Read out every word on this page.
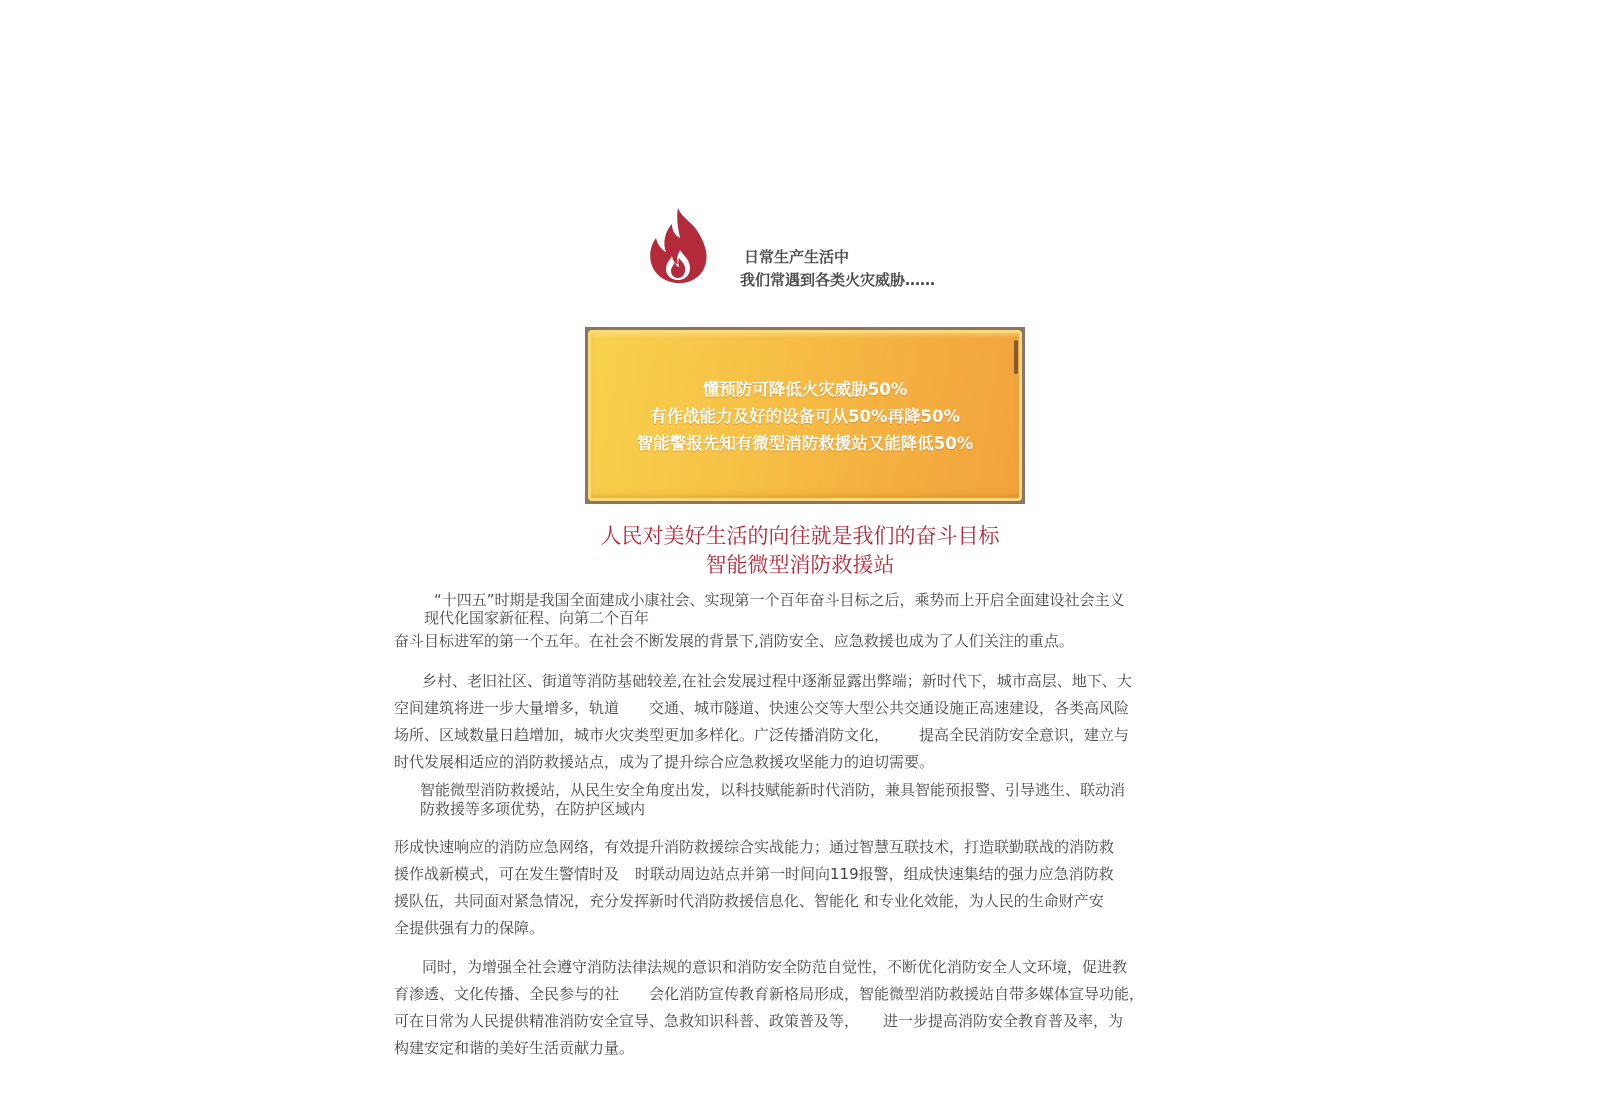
日常生产生活中
我们常遇到各类火灾威胁……
懂预防可降低火灾威胁50%
有作战能力及好的设备可从50%再降50%
智能警报先知有微型消防救援站又能降低50%
人民对美好生活的向往就是我们的奋斗目标
智能微型消防救援站
“十四五”时期是我国全面建成小康社会、实现第一个百年奋斗目标之后，乘势而上开启全面建设社会主义
现代化国家新征程、向第二个百年
奋斗目标进军的第一个五年。在社会不断发展的背景下,消防安全、应急救援也成为了人们关注的重点。
乡村、老旧社区、街道等消防基础较差,在社会发展过程中逐渐显露出弊端；新时代下，城市高层、地下、大
空间建筑将进一步大量增多，轨道 交通、城市隧道、快速公交等大型公共交通设施正高速建设，各类高风险
场所、区域数量日趋增加，城市火灾类型更加多样化。广泛传播消防文化， 提高全民消防安全意识，建立与
时代发展相适应的消防救援站点，成为了提升综合应急救援攻坚能力的迫切需要。
智能微型消防救援站，从民生安全角度出发，以科技赋能新时代消防，兼具智能预报警、引导逃生、联动消
防救援等多项优势，在防护区域内
形成快速响应的消防应急网络，有效提升消防救援综合实战能力；通过智慧互联技术，打造联勤联战的消防救
援作战新模式，可在发生警情时及 时联动周边站点并第一时间向119报警，组成快速集结的强力应急消防救
援队伍，共同面对紧急情况，充分发挥新时代消防救援信息化、智能化 和专业化效能，为人民的生命财产安
全提供强有力的保障。
同时，为增强全社会遵守消防法律法规的意识和消防安全防范自觉性，不断优化消防安全人文环境，促进教
育渗透、文化传播、全民参与的社 会化消防宣传教育新格局形成，智能微型消防救援站自带多媒体宣导功能，
可在日常为人民提供精准消防安全宣导、急救知识科普、政策普及等， 进一步提高消防安全教育普及率，为
构建安定和谐的美好生活贡献力量。
